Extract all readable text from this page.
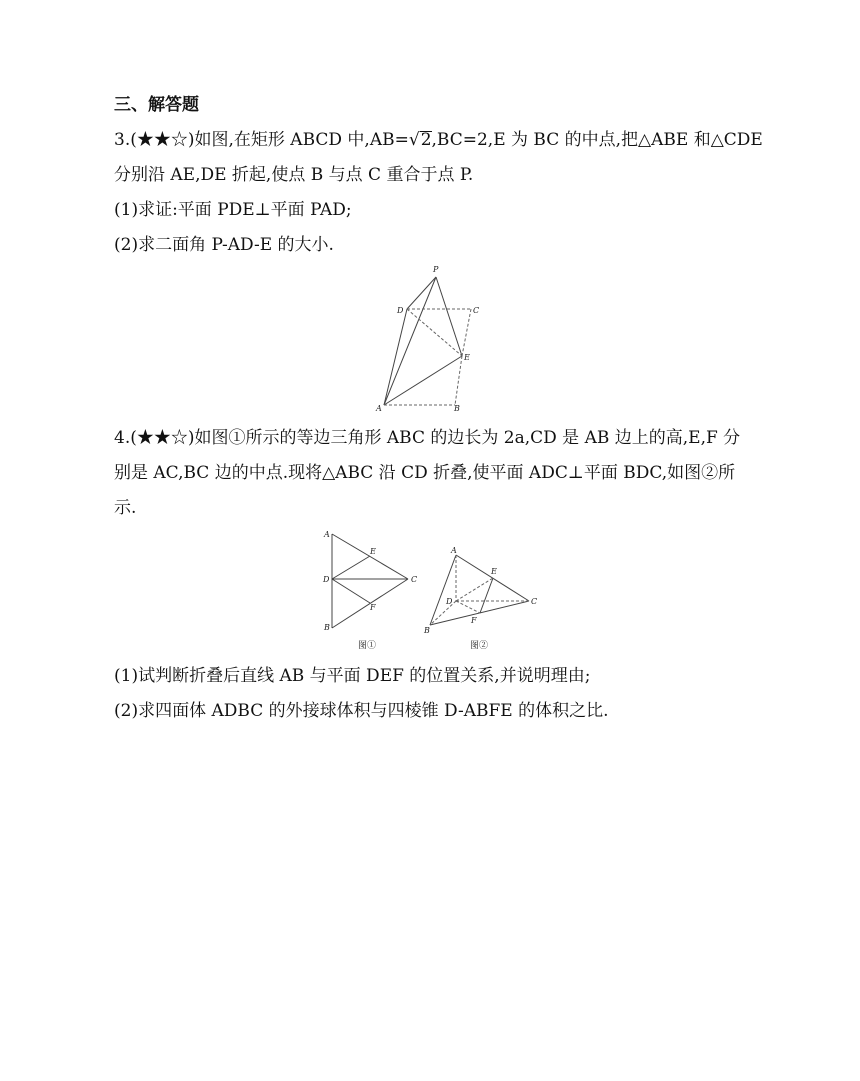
三、解答题
3.(★★☆)如图,在矩形 ABCD 中,AB=√2,BC=2,E 为 BC 的中点,把△ABE 和△CDE
分别沿 AE,DE 折起,使点 B 与点 C 重合于点 P.
(1)求证:平面 PDE⊥平面 PAD;
(2)求二面角 P-AD-E 的大小.
P
D	C
E
A	B
4.(★★☆)如图①所示的等边三角形 ABC 的边长为 2a,CD 是 AB 边上的高,E,F 分
别是 AC,BC 边的中点.现将△ABC 沿 CD 折叠,使平面 ADC⊥平面 BDC,如图②所
示.
A
E
D	C
F
B
图①
A
E
D	C
F
B
图②
(1)试判断折叠后直线 AB 与平面 DEF 的位置关系,并说明理由;
(2)求四面体 ADBC 的外接球体积与四棱锥 D-ABFE 的体积之比.
